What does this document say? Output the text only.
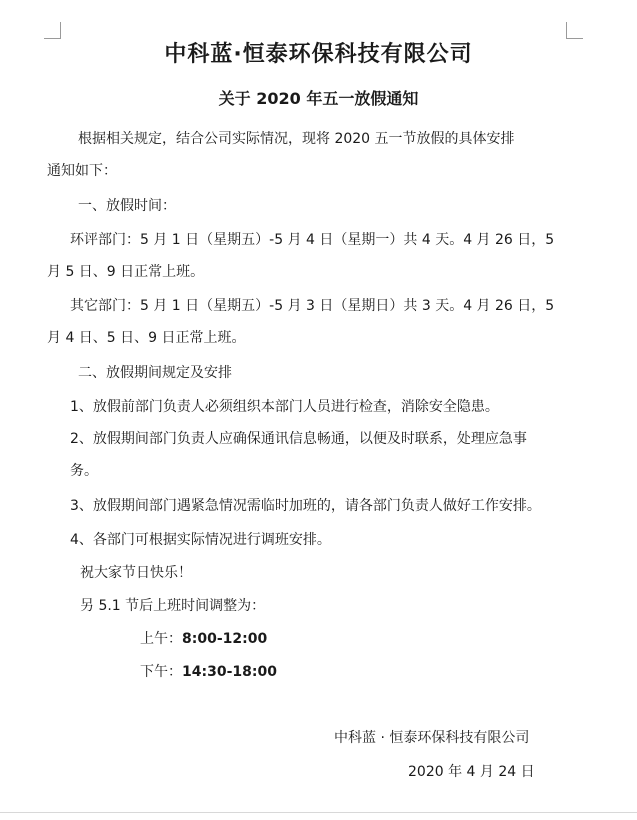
中科蓝·恒泰环保科技有限公司
关于 2020 年五一放假通知
根据相关规定，结合公司实际情况，现将 2020 五一节放假的具体安排
通知如下：
一、放假时间：
环评部门：5 月 1 日（星期五）-5 月 4 日（星期一）共 4 天。4 月 26 日，5
月 5 日、9 日正常上班。
其它部门：5 月 1 日（星期五）-5 月 3 日（星期日）共 3 天。4 月 26 日，5
月 4 日、5 日、9 日正常上班。
二、放假期间规定及安排
1、放假前部门负责人必须组织本部门人员进行检查，消除安全隐患。
2、放假期间部门负责人应确保通讯信息畅通，以便及时联系，处理应急事
务。
3、放假期间部门遇紧急情况需临时加班的，请各部门负责人做好工作安排。
4、各部门可根据实际情况进行调班安排。
祝大家节日快乐！
另 5.1 节后上班时间调整为：
上午：8:00-12:00
下午：14:30-18:00
中科蓝 · 恒泰环保科技有限公司
2020 年 4 月 24 日
